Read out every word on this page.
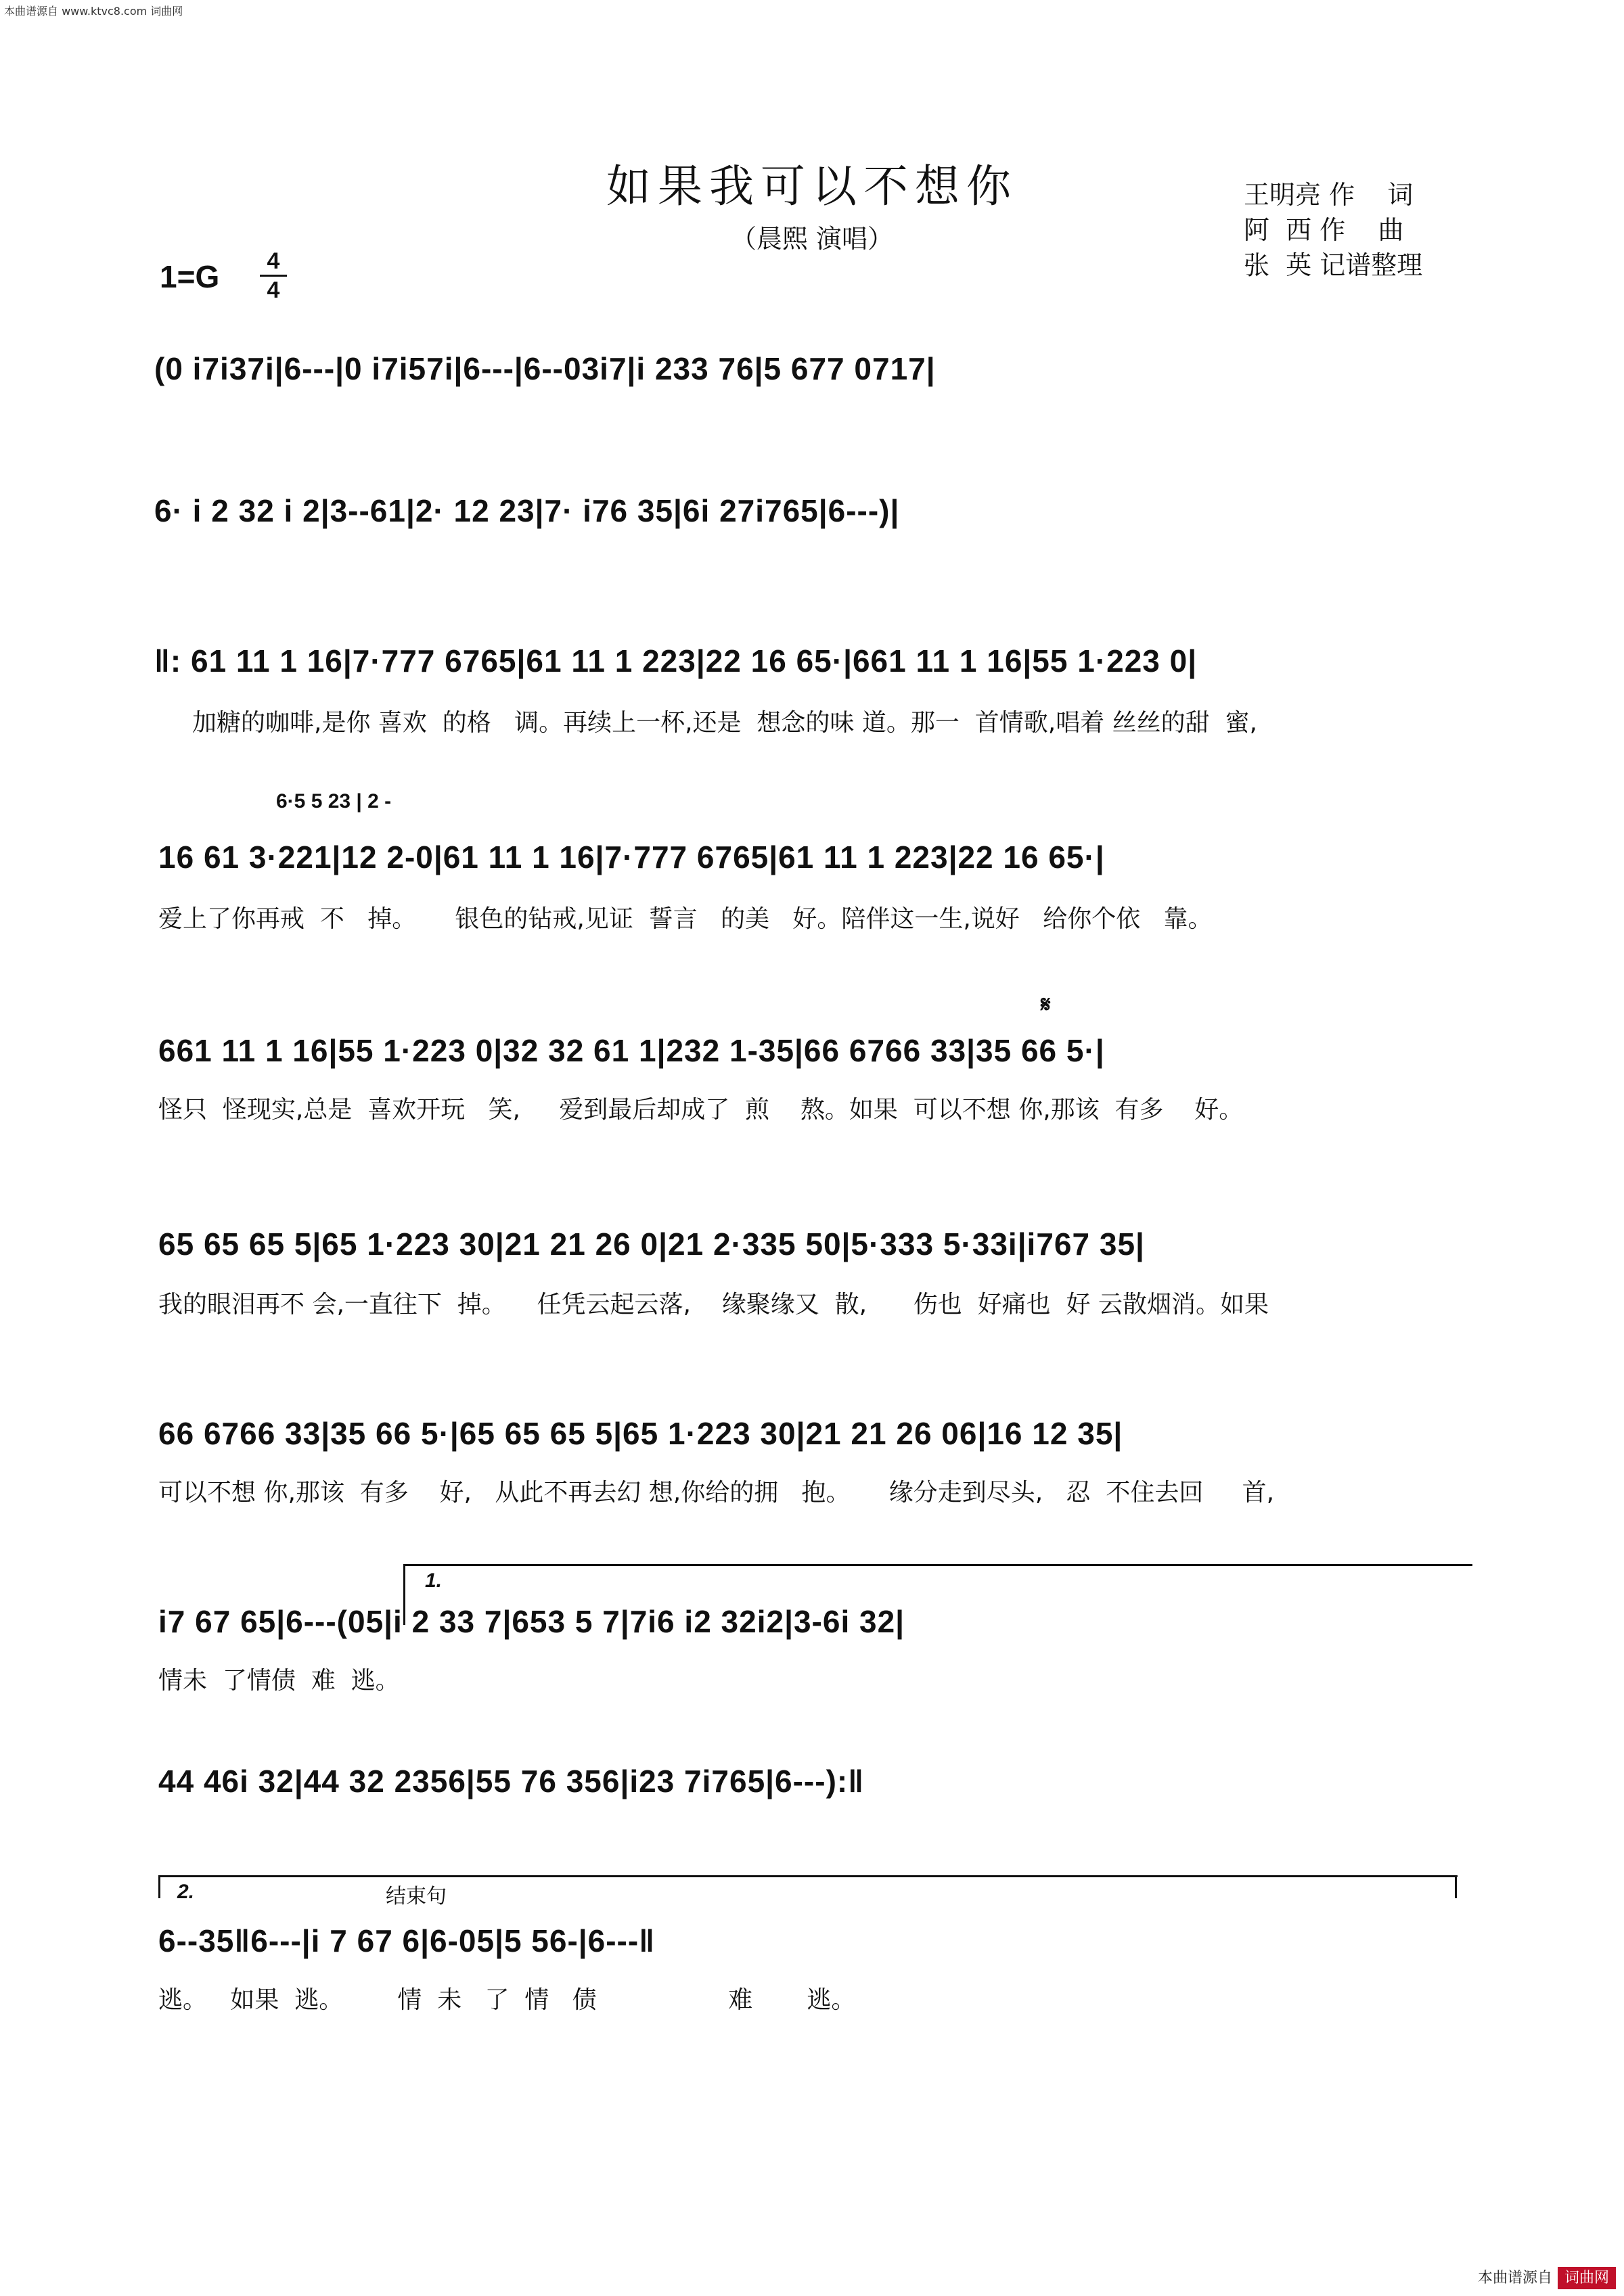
本曲谱源自 www.ktvc8.com 词曲网
如果我可以不想你
（晨熙 演唱）
王明亮 作    词
阿  西 作    曲
张  英 记谱整理
1=G	4
4
(0 i7i37i|6---|0 i7i57i|6---|6--03i7|i 233 76|5 677 0717|
6· i 2 32 i 2|3--61|2· 12 23|7· i76 35|6i 27i765|6---)|
‖: 61 11 1 16|7·777 6765|61 11 1 223|22 16 65·|661 11 1 16|55 1·223 0|
加糖的咖啡,是你 喜欢  的格   调。再续上一杯,还是  想念的味 道。那一  首情歌,唱着 丝丝的甜  蜜,
6·5 5 23 | 2 -
16 61 3·221|12 2-0|61 11 1 16|7·777 6765|61 11 1 223|22 16 65·|
爱上了你再戒  不   掉。     银色的钻戒,见证  誓言   的美   好。陪伴这一生,说好   给你个依   靠。
𝄋
661 11 1 16|55 1·223 0|32 32 61 1|232 1-35|66 6766 33|35 66 5·|
怪只  怪现实,总是  喜欢开玩   笑,     爱到最后却成了  煎    熬。如果  可以不想 你,那该  有多    好。
65 65 65 5|65 1·223 30|21 21 26 0|21 2·335 50|5·333 5·33i|i767 35|
我的眼泪再不 会,一直往下  掉。    任凭云起云落,    缘聚缘又  散,      伤也  好痛也  好 云散烟消。如果
66 6766 33|35 66 5·|65 65 65 5|65 1·223 30|21 21 26 06|16 12 35|
可以不想 你,那该  有多    好,   从此不再去幻 想,你给的拥   抱。     缘分走到尽头,   忍  不住去回     首,
1.
i7 67 65|6---(05|i 2 33 7|653 5 7|7i6 i2 32i2|3-6i 32|
情未  了情债  难  逃。
44 46i 32|44 32 2356|55 76 356|i23 7i765|6---):‖
2.	结束句
6--35‖6---|i 7 67 6|6-05|5 56-|6---‖
逃。   如果  逃。       情  未   了  情   债                 难       逃。
本曲谱源自 词曲网
